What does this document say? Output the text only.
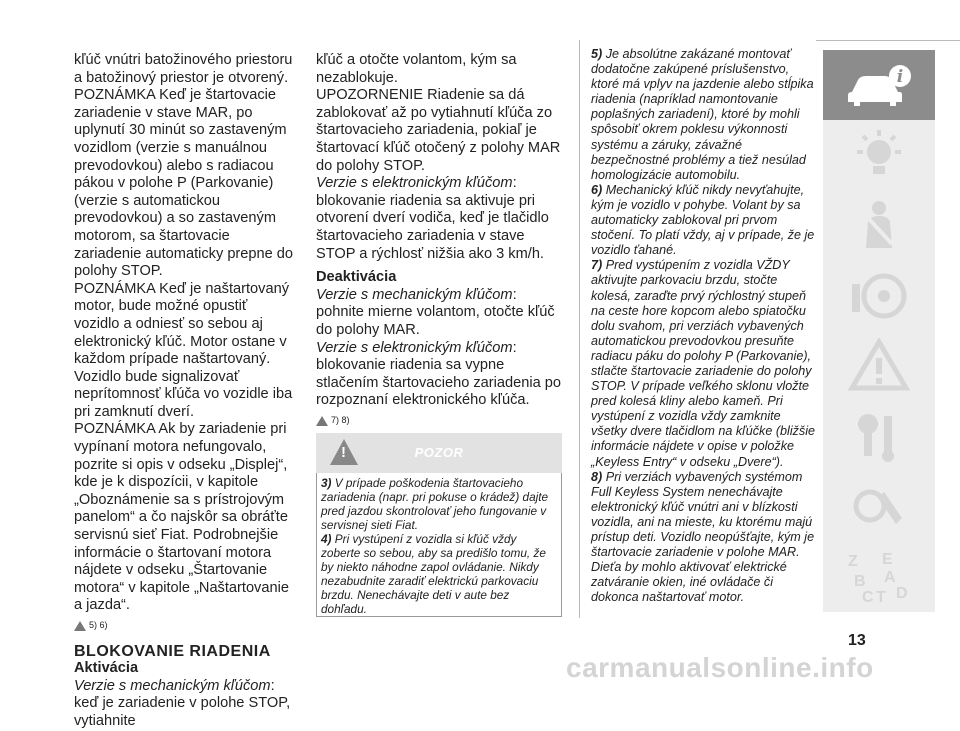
kľúč vnútri batožinového priestoru a batožinový priestor je otvorený.

POZNÁMKA Keď je štartovacie zariadenie v stave MAR, po uplynutí 30 minút so zastaveným vozidlom (verzie s manuálnou prevodovkou) alebo s radiacou pákou v polohe P (Parkovanie) (verzie s automatickou prevodovkou) a so zastaveným motorom, sa štartovacie zariadenie automaticky prepne do polohy STOP.

POZNÁMKA Keď je naštartovaný motor, bude možné opustiť vozidlo a odniesť so sebou aj elektronický kľúč. Motor ostane v každom prípade naštartovaný. Vozidlo bude signalizovať neprítomnosť kľúča vo vozidle iba pri zamknutí dverí.

POZNÁMKA Ak by zariadenie pri vypínaní motora nefungovalo, pozrite si opis v odseku „Displej“, kde je k dispozícii, v kapitole „Oboznámenie sa s prístrojovým panelom“ a čo najskôr sa obráťte servisnú sieť Fiat. Podrobnejšie informácie o štartovaní motora nájdete v odseku „Štartovanie motora“ v kapitole „Naštartovanie a jazda“.

5) 6)

BLOKOVANIE RIADENIA

Aktivácia

Verzie s mechanickým kľúčom: keď je zariadenie v polohe STOP, vytiahnite

kľúč a otočte volantom, kým sa nezablokuje.

UPOZORNENIE Riadenie sa dá zablokovať až po vytiahnutí kľúča zo štartovacieho zariadenia, pokiaľ je štartovací kľúč otočený z polohy MAR do polohy STOP.

Verzie s elektronickým kľúčom: blokovanie riadenia sa aktivuje pri otvorení dverí vodiča, keď je tlačidlo štartovacieho zariadenia v stave STOP a rýchlosť nižšia ako 3 km/h.

Deaktivácia

Verzie s mechanickým kľúčom: pohnite mierne volantom, otočte kľúč do polohy MAR.

Verzie s elektronickým kľúčom: blokovanie riadenia sa vypne stlačením štartovacieho zariadenia po rozpoznaní elektronického kľúča.

7) 8)

!	POZOR

3) V prípade poškodenia štartovacieho zariadenia (napr. pri pokuse o krádež) dajte pred jazdou skontrolovať jeho fungovanie v servisnej sieti Fiat.

4) Pri vystúpení z vozidla si kľúč vždy zoberte so sebou, aby sa predišlo tomu, že by niekto náhodne zapol ovládanie. Nikdy nezabudnite zaradiť elektrickú parkovaciu brzdu. Nenechávajte deti v aute bez dohľadu.

5) Je absolútne zakázané montovať dodatočne zakúpené príslušenstvo, ktoré má vplyv na jazdenie alebo stĺpika riadenia (napríklad namontovanie poplašných zariadení), ktoré by mohli spôsobiť okrem poklesu výkonnosti systému a záruky, závažné bezpečnostné problémy a tiež nesúlad homologizácie automobilu.

6) Mechanický kľúč nikdy nevyťahujte, kým je vozidlo v pohybe. Volant by sa automaticky zablokoval pri prvom stočení. To platí vždy, aj v prípade, že je vozidlo ťahané.

7) Pred vystúpením z vozidla VŽDY aktivujte parkovaciu brzdu, stočte kolesá, zaraďte prvý rýchlostný stupeň na ceste hore kopcom alebo spiatočku dolu svahom, pri verziách vybavených automatickou prevodovkou presuňte radiacu páku do polohy P (Parkovanie), stlačte štartovacie zariadenie do polohy STOP. V prípade veľkého sklonu vložte pred kolesá kliny alebo kameň. Pri vystúpení z vozidla vždy zamknite všetky dvere tlačidlom na kľúčke (bližšie informácie nájdete v opise v položke „Keyless Entry“ v odseku „Dvere“).

8) Pri verziách vybavených systémom Full Keyless System nenechávajte elektronický kľúč vnútri ani v blízkosti vozidla, ani na mieste, ku ktorému majú prístup deti. Vozidlo neopúšťajte, kým je štartovacie zariadenie v polohe MAR. Dieťa by mohlo aktivovať elektrické zatváranie okien, iné ovládače či dokonca naštartovať motor.

i
Z E
B A
C T D
13
carmanualsonline.info
